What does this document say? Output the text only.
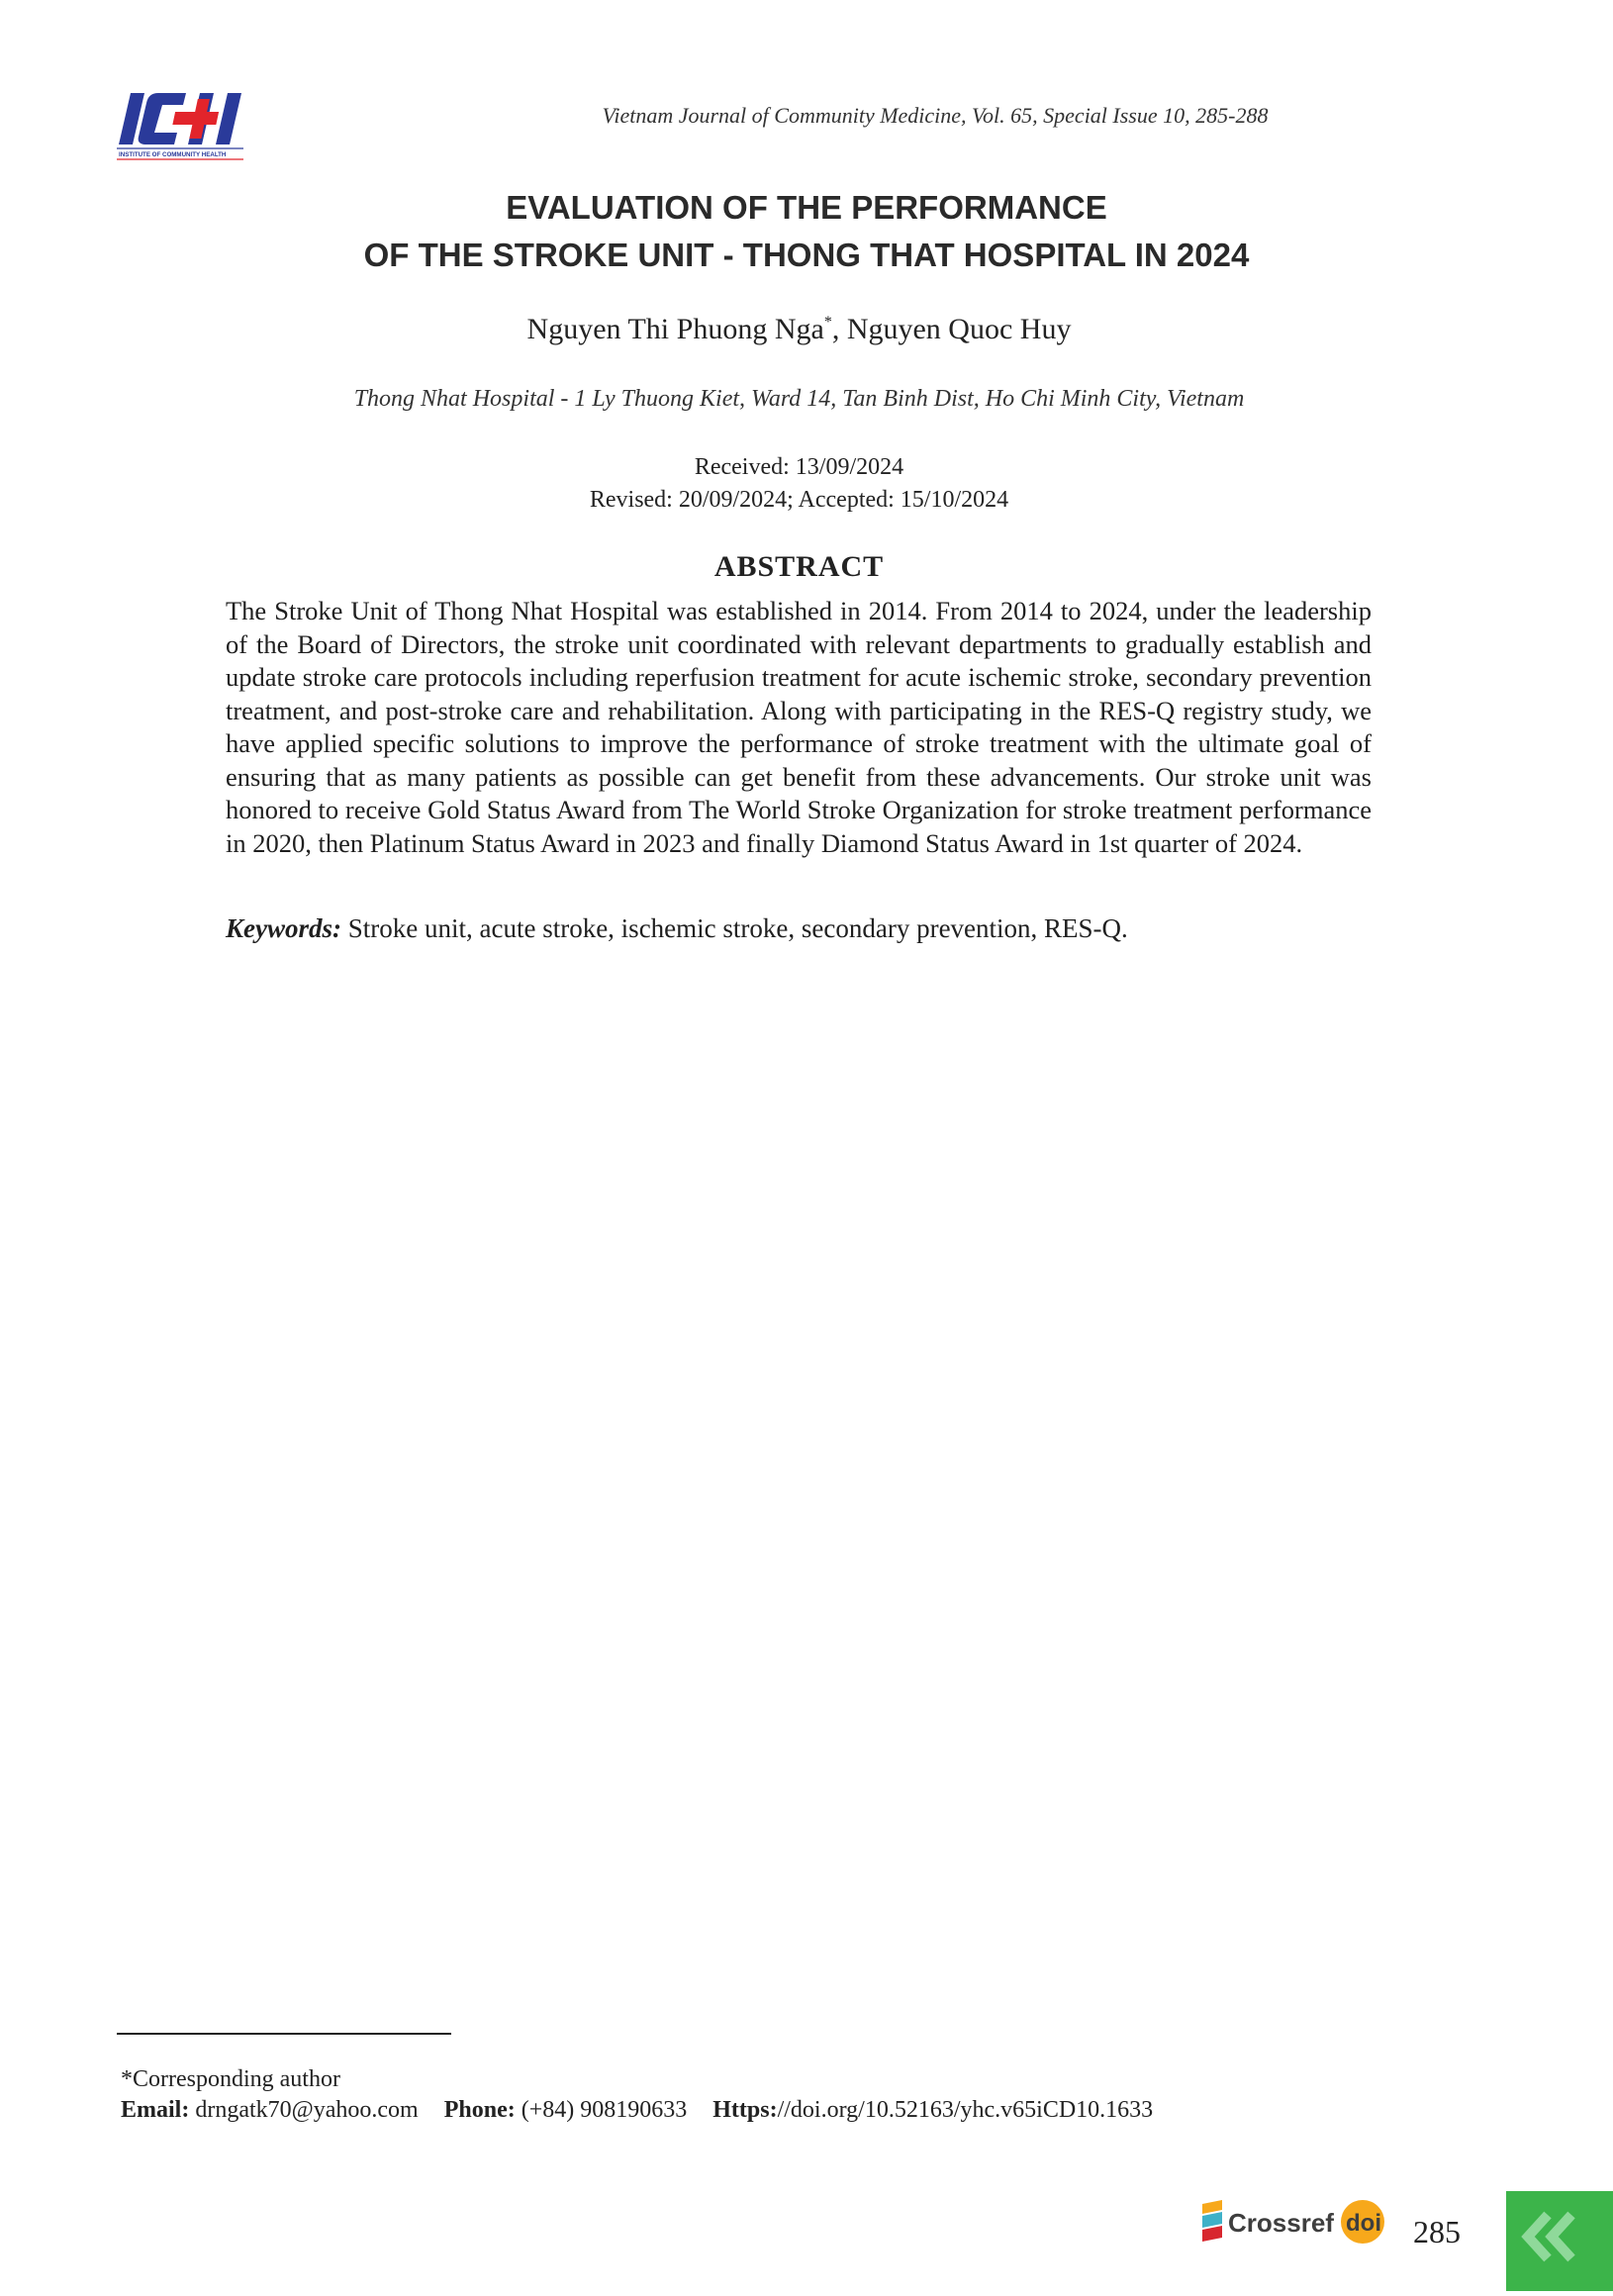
INSTITUTE OF COMMUNITY HEALTH
Vietnam Journal of Community Medicine, Vol. 65, Special Issue 10, 285-288
EVALUATION OF THE PERFORMANCE
OF THE STROKE UNIT - THONG THAT HOSPITAL IN 2024
Nguyen Thi Phuong Nga*, Nguyen Quoc Huy
Thong Nhat Hospital - 1 Ly Thuong Kiet, Ward 14, Tan Binh Dist, Ho Chi Minh City, Vietnam
Received: 13/09/2024
Revised: 20/09/2024; Accepted: 15/10/2024
ABSTRACT
The Stroke Unit of Thong Nhat Hospital was established in 2014. From 2014 to 2024, under the leadership of the Board of Directors, the stroke unit coordinated with relevant departments to gradually establish and update stroke care protocols including reperfusion treatment for acute ischemic stroke, secondary prevention treatment, and post-stroke care and rehabilitation. Along with participating in the RES-Q registry study, we have applied specific solutions to improve the performance of stroke treatment with the ultimate goal of ensuring that as many patients as possible can get benefit from these advancements. Our stroke unit was honored to receive Gold Status Award from The World Stroke Organization for stroke treatment performance in 2020, then Platinum Status Award in 2023 and finally Diamond Status Award in 1st quarter of 2024.
Keywords: Stroke unit, acute stroke, ischemic stroke, secondary prevention, RES-Q.
*Corresponding author
Email: drngatk70@yahoo.com Phone: (+84) 908190633 Https://doi.org/10.52163/yhc.v65iCD10.1633
Crossref doi 285
